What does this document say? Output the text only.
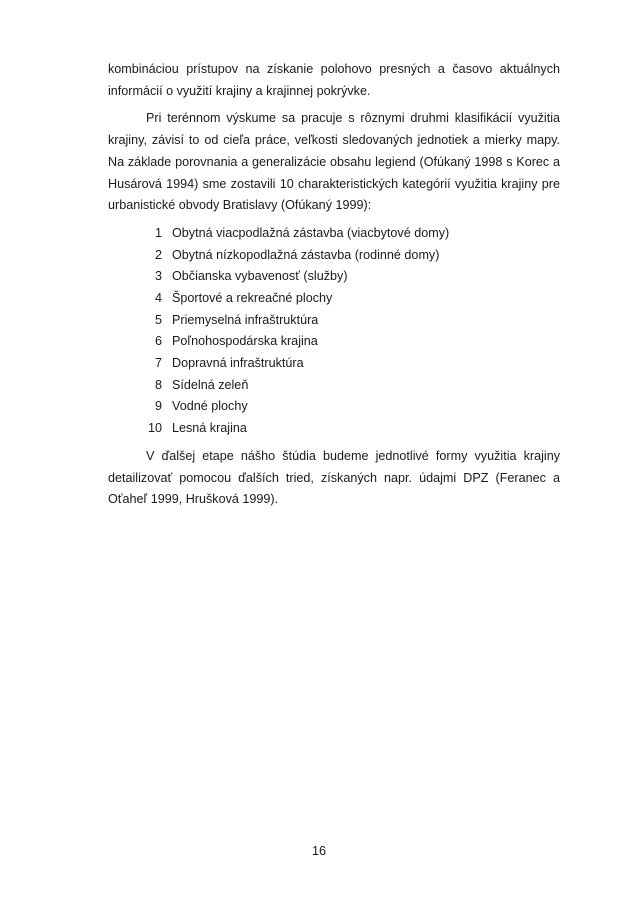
kombináciou prístupov na získanie polohovo presných a časovo aktuálnych informácií o využití krajiny a krajinnej pokrývke.

Pri terénnom výskume sa pracuje s rôznymi druhmi klasifikácií využitia krajiny, závisí to od cieľa práce, veľkosti sledovaných jednotiek a mierky mapy. Na základe porovnania a generalizácie obsahu legiend (Ofúkaný 1998 s Korec a Husárová 1994) sme zostavili 10 charakteristických kategórií využitia krajiny pre urbanistické obvody Bratislavy (Ofúkaný 1999):

1 Obytná viacpodlažná zástavba (viacbytové domy)
2 Obytná nízkopodlažná zástavba (rodinné domy)
3 Občianska vybavenosť (služby)
4 Športové a rekreačné plochy
5 Priemyselná infraštruktúra
6 Poľnohospodárska krajina
7 Dopravná infraštruktúra
8 Sídelná zeleň
9 Vodné plochy
10 Lesná krajina

V ďalšej etape nášho štúdia budeme jednotlivé formy využitia krajiny detailizovať pomocou ďalších tried, získaných napr. údajmi DPZ (Feranec a Oťaheľ 1999, Hrušková 1999).

16
